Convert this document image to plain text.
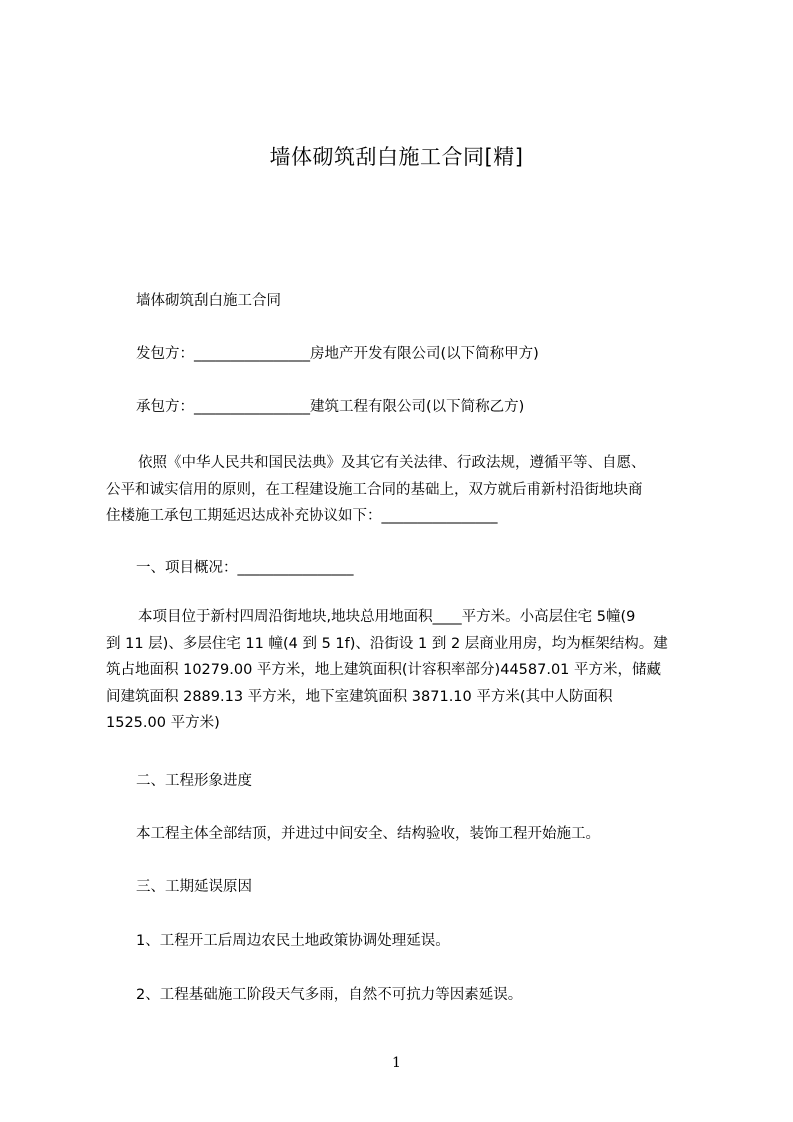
墙体砌筑刮白施工合同[精]
墙体砌筑刮白施工合同
发包方：________________房地产开发有限公司(以下简称甲方)
承包方：________________建筑工程有限公司(以下简称乙方)
依照《中华人民共和国民法典》及其它有关法律、行政法规，遵循平等、自愿、
公平和诚实信用的原则，在工程建设施工合同的基础上，双方就后甫新村沿街地块商
住楼施工承包工期延迟达成补充协议如下：________________
一、项目概况：________________
本项目位于新村四周沿街地块,地块总用地面积____平方米。小高层住宅 5幢(9
到 11 层)、多层住宅 11 幢(4 到 5 1f)、沿街设 1 到 2 层商业用房，均为框架结构。建
筑占地面积 10279.00 平方米，地上建筑面积(计容积率部分)44587.01 平方米，储藏
间建筑面积 2889.13 平方米，地下室建筑面积 3871.10 平方米(其中人防面积
1525.00 平方米)
二、工程形象进度
本工程主体全部结顶，并进过中间安全、结构验收，装饰工程开始施工。
三、工期延误原因
1、工程开工后周边农民土地政策协调处理延误。
2、工程基础施工阶段天气多雨，自然不可抗力等因素延误。
1
